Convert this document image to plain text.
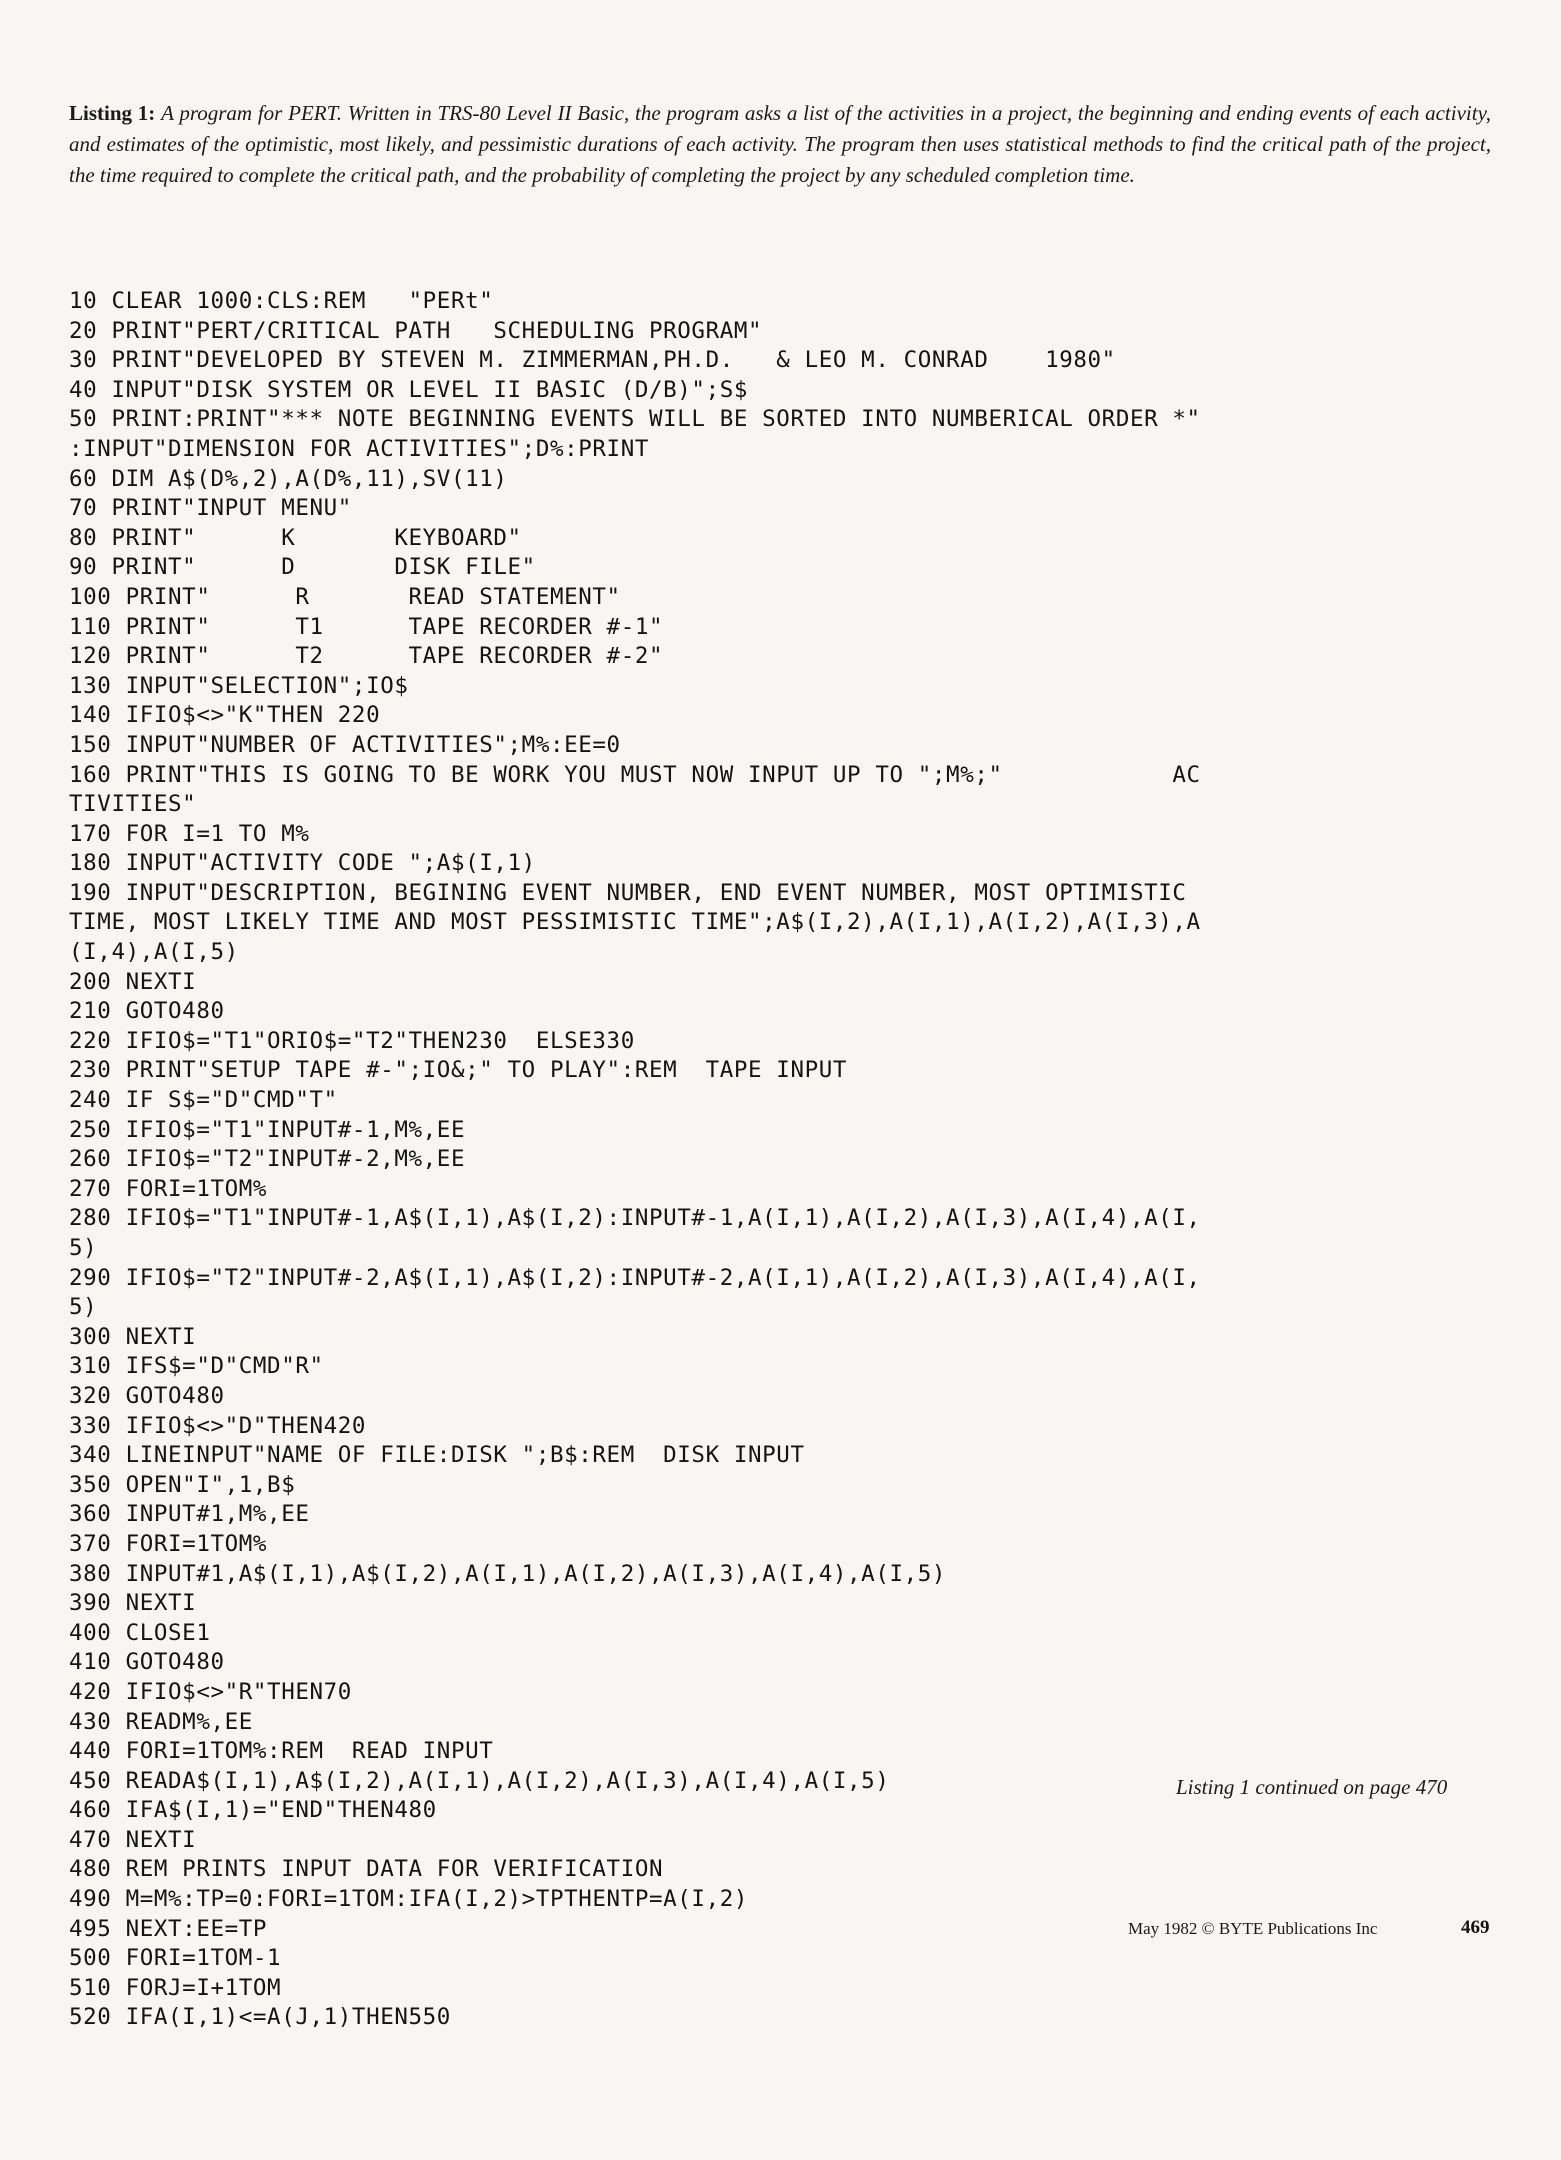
Listing 1: A program for PERT. Written in TRS-80 Level II Basic, the program asks a list of the activities in a project, the beginning and ending events of each activity, and estimates of the optimistic, most likely, and pessimistic durations of each activity. The program then uses statistical methods to find the critical path of the project, the time required to complete the critical path, and the probability of completing the project by any scheduled completion time.
10 CLEAR 1000:CLS:REM   "PERt"
20 PRINT"PERT/CRITICAL PATH   SCHEDULING PROGRAM"
30 PRINT"DEVELOPED BY STEVEN M. ZIMMERMAN,PH.D.   & LEO M. CONRAD    1980"
40 INPUT"DISK SYSTEM OR LEVEL II BASIC (D/B)";S$
50 PRINT:PRINT"*** NOTE BEGINNING EVENTS WILL BE SORTED INTO NUMBERICAL ORDER *"
:INPUT"DIMENSION FOR ACTIVITIES";D%:PRINT
60 DIM A$(D%,2),A(D%,11),SV(11)
70 PRINT"INPUT MENU"
80 PRINT"      K       KEYBOARD"
90 PRINT"      D       DISK FILE"
100 PRINT"      R       READ STATEMENT"
110 PRINT"      T1      TAPE RECORDER #-1"
120 PRINT"      T2      TAPE RECORDER #-2"
130 INPUT"SELECTION";IO$
140 IFIO$<>"K"THEN 220
150 INPUT"NUMBER OF ACTIVITIES";M%:EE=0
160 PRINT"THIS IS GOING TO BE WORK YOU MUST NOW INPUT UP TO ";M%;"            AC
TIVITIES"
170 FOR I=1 TO M%
180 INPUT"ACTIVITY CODE ";A$(I,1)
190 INPUT"DESCRIPTION, BEGINING EVENT NUMBER, END EVENT NUMBER, MOST OPTIMISTIC
TIME, MOST LIKELY TIME AND MOST PESSIMISTIC TIME";A$(I,2),A(I,1),A(I,2),A(I,3),A
(I,4),A(I,5)
200 NEXTI
210 GOTO480
220 IFIO$="T1"ORIO$="T2"THEN230  ELSE330
230 PRINT"SETUP TAPE #-";IO&;" TO PLAY":REM  TAPE INPUT
240 IF S$="D"CMD"T"
250 IFIO$="T1"INPUT#-1,M%,EE
260 IFIO$="T2"INPUT#-2,M%,EE
270 FORI=1TOM%
280 IFIO$="T1"INPUT#-1,A$(I,1),A$(I,2):INPUT#-1,A(I,1),A(I,2),A(I,3),A(I,4),A(I,
5)
290 IFIO$="T2"INPUT#-2,A$(I,1),A$(I,2):INPUT#-2,A(I,1),A(I,2),A(I,3),A(I,4),A(I,
5)
300 NEXTI
310 IFS$="D"CMD"R"
320 GOTO480
330 IFIO$<>"D"THEN420
340 LINEINPUT"NAME OF FILE:DISK ";B$:REM  DISK INPUT
350 OPEN"I",1,B$
360 INPUT#1,M%,EE
370 FORI=1TOM%
380 INPUT#1,A$(I,1),A$(I,2),A(I,1),A(I,2),A(I,3),A(I,4),A(I,5)
390 NEXTI
400 CLOSE1
410 GOTO480
420 IFIO$<>"R"THEN70
430 READM%,EE
440 FORI=1TOM%:REM  READ INPUT
450 READA$(I,1),A$(I,2),A(I,1),A(I,2),A(I,3),A(I,4),A(I,5)
460 IFA$(I,1)="END"THEN480
470 NEXTI
480 REM PRINTS INPUT DATA FOR VERIFICATION
490 M=M%:TP=0:FORI=1TOM:IFA(I,2)>TPTHENTP=A(I,2)
495 NEXT:EE=TP
500 FORI=1TOM-1
510 FORJ=I+1TOM
520 IFA(I,1)<=A(J,1)THEN550
Listing 1 continued on page 470
May 1982 © BYTE Publications Inc	469
